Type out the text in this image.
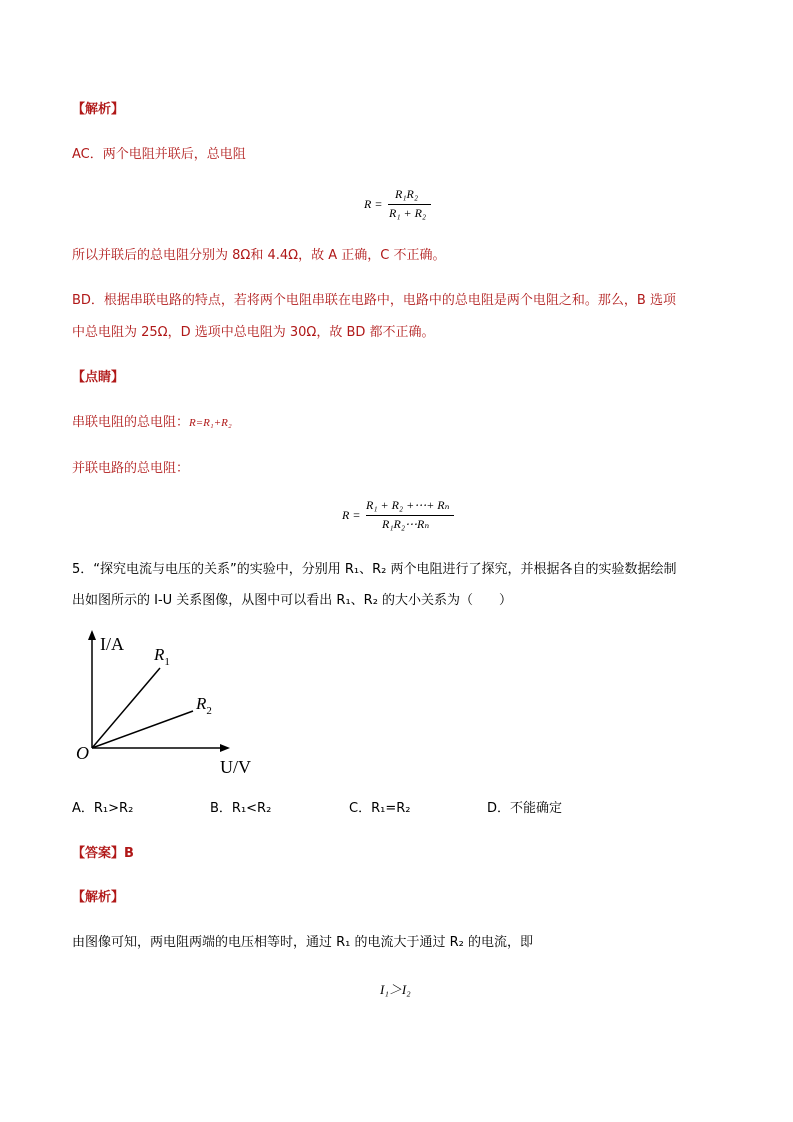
【解析】
AC．两个电阻并联后，总电阻
R =
R₁R₂
R₁ + R₂
所以并联后的总电阻分别为 8Ω和 4.4Ω，故 A 正确，C 不正确。
BD．根据串联电路的特点，若将两个电阻串联在电路中，电路中的总电阻是两个电阻之和。那么，B 选项
中总电阻为 25Ω，D 选项中总电阻为 30Ω，故 BD 都不正确。
【点睛】
串联电阻的总电阻：R=R₁+R₂
并联电路的总电阻：
R =
R₁ + R₂ +⋯+ Rₙ
R₁R₂⋯Rₙ
5．“探究电流与电压的关系”的实验中，分别用 R₁、R₂ 两个电阻进行了探究，并根据各自的实验数据绘制
出如图所示的 I-U 关系图像，从图中可以看出 R₁、R₂ 的大小关系为（　　）
I/A
O
U/V
$R_1$
$R_2$
A．R₁>R₂	B．R₁<R₂	C．R₁=R₂	D．不能确定
【答案】B
【解析】
由图像可知，两电阻两端的电压相等时，通过 R₁ 的电流大于通过 R₂ 的电流，即
I₁＞I₂
